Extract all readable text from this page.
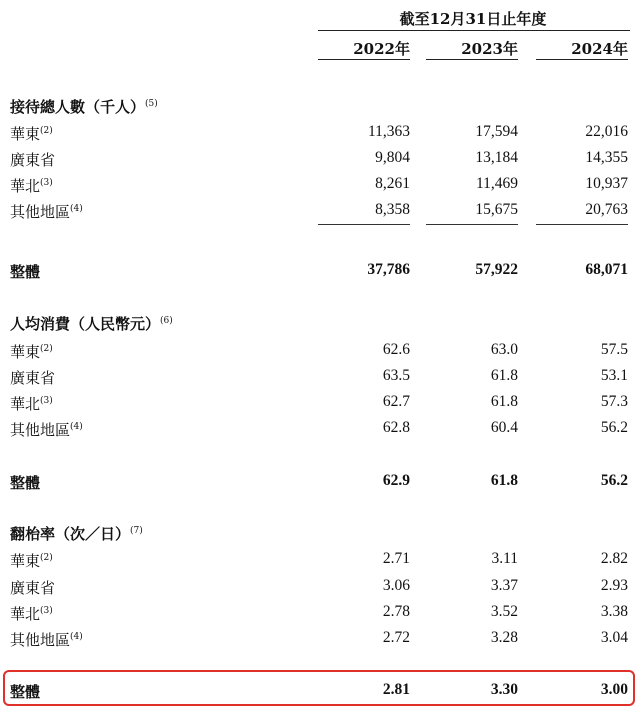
截至12月31日止年度
2022年	2023年	2024年
接待總人數（千人）$^{(5)}$
華東$^{(2)}$	11,363	17,594	22,016
廣東省	9,804	13,184	14,355
華北$^{(3)}$	8,261	11,469	10,937
其他地區$^{(4)}$	8,358	15,675	20,763
整體	37,786	57,922	68,071
人均消費（人民幣元）$^{(6)}$
華東$^{(2)}$	62.6	63.0	57.5
廣東省	63.5	61.8	53.1
華北$^{(3)}$	62.7	61.8	57.3
其他地區$^{(4)}$	62.8	60.4	56.2
整體	62.9	61.8	56.2
翻枱率（次／日）$^{(7)}$
華東$^{(2)}$	2.71	3.11	2.82
廣東省	3.06	3.37	2.93
華北$^{(3)}$	2.78	3.52	3.38
其他地區$^{(4)}$	2.72	3.28	3.04
整體	2.81	3.30	3.00
